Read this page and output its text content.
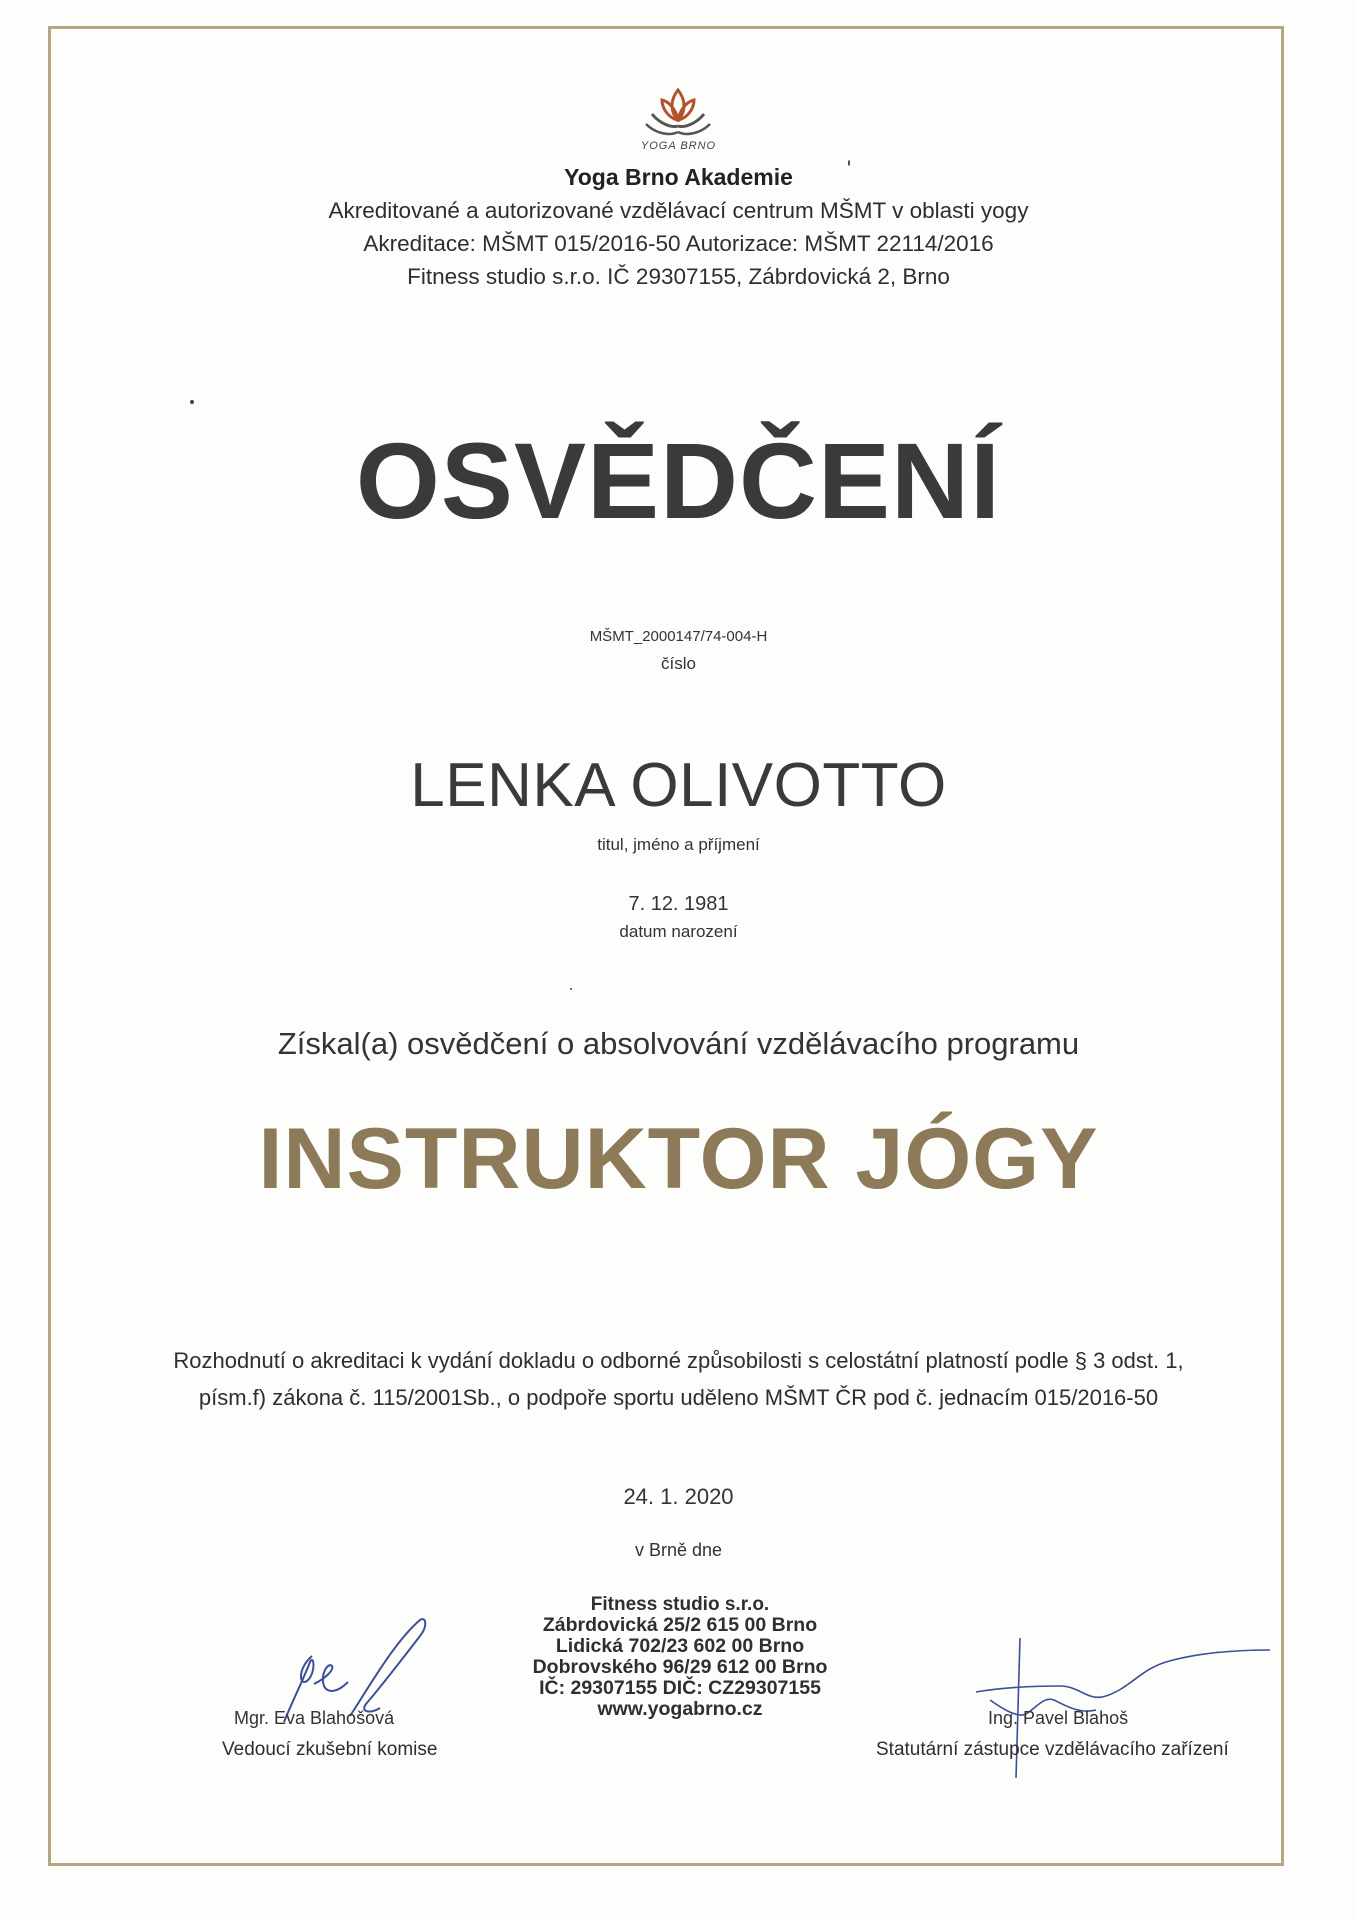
YOGA BRNO
Yoga Brno Akademie
Akreditované a autorizované vzdělávací centrum MŠMT v oblasti yogy
Akreditace: MŠMT 015/2016-50 Autorizace: MŠMT 22114/2016
Fitness studio s.r.o. IČ 29307155, Zábrdovická 2, Brno
OSVĚDČENÍ
MŠMT_2000147/74-004-H
číslo
LENKA OLIVOTTO
titul, jméno a příjmení
7. 12. 1981
datum narození
Získal(a) osvědčení o absolvování vzdělávacího programu
INSTRUKTOR JÓGY
Rozhodnutí o akreditaci k vydání dokladu o odborné způsobilosti s celostátní platností podle § 3 odst. 1,
písm.f) zákona č. 115/2001Sb., o podpoře sportu uděleno MŠMT ČR pod č. jednacím 015/2016-50
24. 1. 2020
v Brně dne
Fitness studio s.r.o.
Zábrdovická 25/2 615 00 Brno
Lidická 702/23 602 00 Brno
Dobrovského 96/29 612 00 Brno
IČ: 29307155 DIČ: CZ29307155
www.yogabrno.cz
Mgr. Eva Blahošová
Vedoucí zkušební komise
Ing. Pavel Blahoš
Statutární zástupce vzdělávacího zařízení
